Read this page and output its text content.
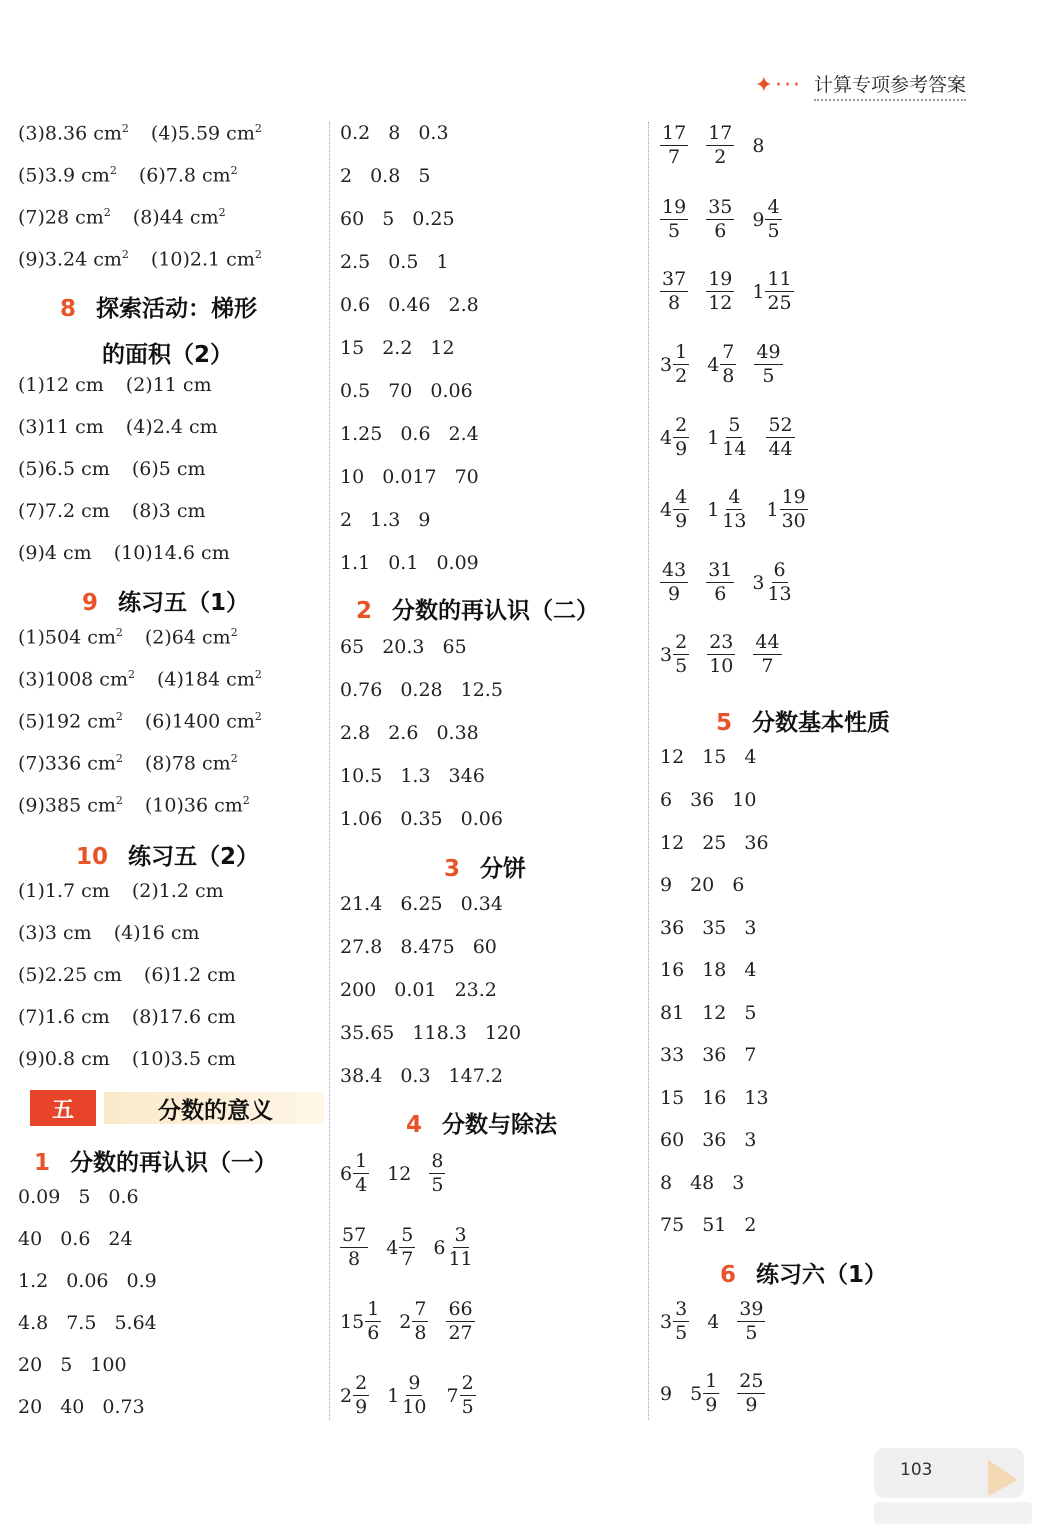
✦··· 计算专项参考答案
(3)8.36 $cm^2$ (4)5.59 $cm^2$
(5)3.9 $cm^2$ (6)7.8 $cm^2$
(7)28 $cm^2$ (8)44 $cm^2$
(9)3.24 $cm^2$ (10)2.1 $cm^2$
8 探索活动：梯形
的面积（2）
(1)12 cm (2)11 cm
(3)11 cm (4)2.4 cm
(5)6.5 cm (6)5 cm
(7)7.2 cm (8)3 cm
(9)4 cm (10)14.6 cm
9 练习五（1）
(1)504 $cm^2$ (2)64 $cm^2$
(3)1008 $cm^2$ (4)184 $cm^2$
(5)192 $cm^2$ (6)1400 $cm^2$
(7)336 $cm^2$ (8)78 $cm^2$
(9)385 $cm^2$ (10)36 $cm^2$
10 练习五（2）
(1)1.7 cm (2)1.2 cm
(3)3 cm (4)16 cm
(5)2.25 cm (6)1.2 cm
(7)1.6 cm (8)17.6 cm
(9)0.8 cm (10)3.5 cm
五	分数的意义
1 分数的再认识（一）
0.09 5 0.6
40 0.6 24
1.2 0.06 0.9
4.8 7.5 5.64
20 5 100
20 40 0.73
0.2 8 0.3
2 0.8 5
60 5 0.25
2.5 0.5 1
0.6 0.46 2.8
15 2.2 12
0.5 70 0.06
1.25 0.6 2.4
10 0.017 70
2 1.3 9
1.1 0.1 0.09
2 分数的再认识（二）
65 20.3 65
0.76 0.28 12.5
2.8 2.6 0.38
10.5 1.3 346
1.06 0.35 0.06
3 分饼
21.4 6.25 0.34
27.8 8.475 60
200 0.01 23.2
35.65 118.3 120
38.4 0.3 147.2
4 分数与除法
$6 \frac{1}{4} 12 \frac{8}{5}$
$\frac{57}{8} 4 \frac{5}{7} 6 \frac{3}{11}$
$15 \frac{1}{6} 2 \frac{7}{8} \frac{66}{27}$
$2 \frac{2}{9} 1 \frac{9}{10} 7 \frac{2}{5}$
$\frac{17}{7} \frac{17}{2} 8$
$\frac{19}{5} \frac{35}{6} 9 \frac{4}{5}$
$\frac{37}{8} \frac{19}{12} 1 \frac{11}{25}$
$3 \frac{1}{2} 4 \frac{7}{8} \frac{49}{5}$
$4 \frac{2}{9} 1 \frac{5}{14} \frac{52}{44}$
$4 \frac{4}{9} 1 \frac{4}{13} 1 \frac{19}{30}$
$\frac{43}{9} \frac{31}{6} 3 \frac{6}{13}$
$3 \frac{2}{5} \frac{23}{10} \frac{44}{7}$
5 分数基本性质
12 15 4
6 36 10
12 25 36
9 20 6
36 35 3
16 18 4
81 12 5
33 36 7
15 16 13
60 36 3
8 48 3
75 51 2
6 练习六（1）
$3 \frac{3}{5} 4 \frac{39}{5}$
9 $5 \frac{1}{9} \frac{25}{9}$
103
